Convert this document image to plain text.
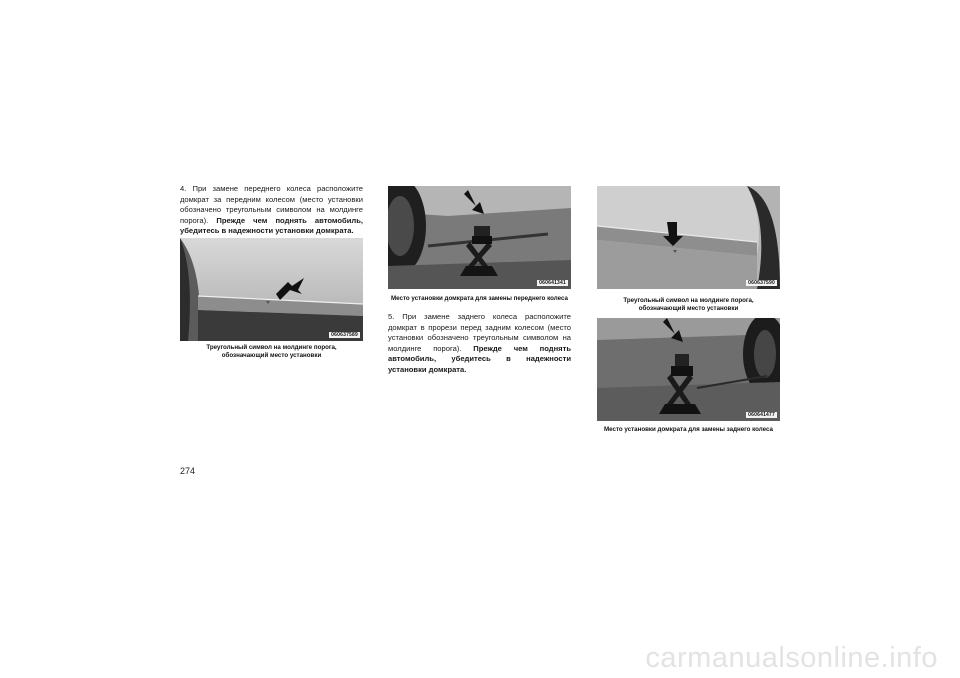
4. При замене переднего колеса расположите домкрат за передним колесом (место установки обозначено треугольным символом на молдинге порога). Прежде чем поднять автомобиль, убедитесь в надежности установки домкрата.
060637589
Треугольный символ на молдинге порога,
обозначающий место установки
060641341
Место установки домкрата для замены переднего колеса
5. При замене заднего колеса расположите домкрат в прорези перед задним колесом (место установки обозначено треугольным символом на молдинге порога). Прежде чем поднять автомобиль, убедитесь в надежности установки домкрата.
060637590
Треугольный символ на молдинге порога,
обозначающий место установки
060641477
Место установки домкрата для замены заднего колеса
274
carmanualsonline.info
